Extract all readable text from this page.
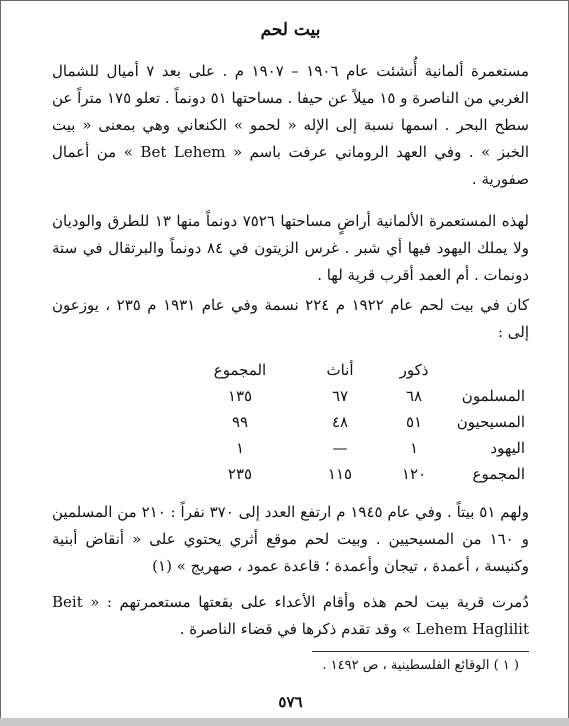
بيت لحم

مستعمرة ألمانية أُنشئت عام ١٩٠٦ – ١٩٠٧ م . على بعد ٧ أميال للشمال الغربي من الناصرة و ١٥ ميلاً عن حيفا . مساحتها ٥١ دونماً . تعلو ١٧٥ متراً عن سطح البحر . اسمها نسبة إلى الإله « لحمو » الكنعاني وهي بمعنى « بيت الخبز » . وفي العهد الروماني عرفت باسم « Bet Lehem » من أعمال صفورية .

لهذه المستعمرة الألمانية أراضٍ مساحتها ٧٥٢٦ دونماً منها ١٣ للطرق والوديان ولا يملك اليهود فيها أي شبر . غرس الزيتون في ٨٤ دونماً والبرتقال في ستة دونمات . أم العمد أقرب قرية لها .

كان في بيت لحم عام ١٩٢٢ م ٢٢٤ نسمة وفي عام ١٩٣١ م ٢٣٥ ، يوزعون إلى :

	ذكور	أناث	المجموع
المسلمون	٦٨	٦٧	١٣٥
المسيحيون	٥١	٤٨	٩٩
اليهود	١	—	١
المجموع	١٢٠	١١٥	٢٣٥

ولهم ٥١ بيتاً . وفي عام ١٩٤٥ م ارتفع العدد إلى ٣٧٠ نفراً : ٢١٠ من المسلمين و ١٦٠ من المسيحيين . وبيت لحم موقع أثري يحتوي على « أنقاض أبنية وكنيسة ، أعمدة ، تيجان وأعمدة ؛ قاعدة عمود ، صهريج » (١)

دُمرت قرية بيت لحم هذه وأقام الأعداء على بقعتها مستعمرتهم : « Beit Lehem Haglilit » وقد تقدم ذكرها في قضاء الناصرة .

( ١ ) الوقائع الفلسطينية ، ص ١٤٩٢ .
٥٧٦
